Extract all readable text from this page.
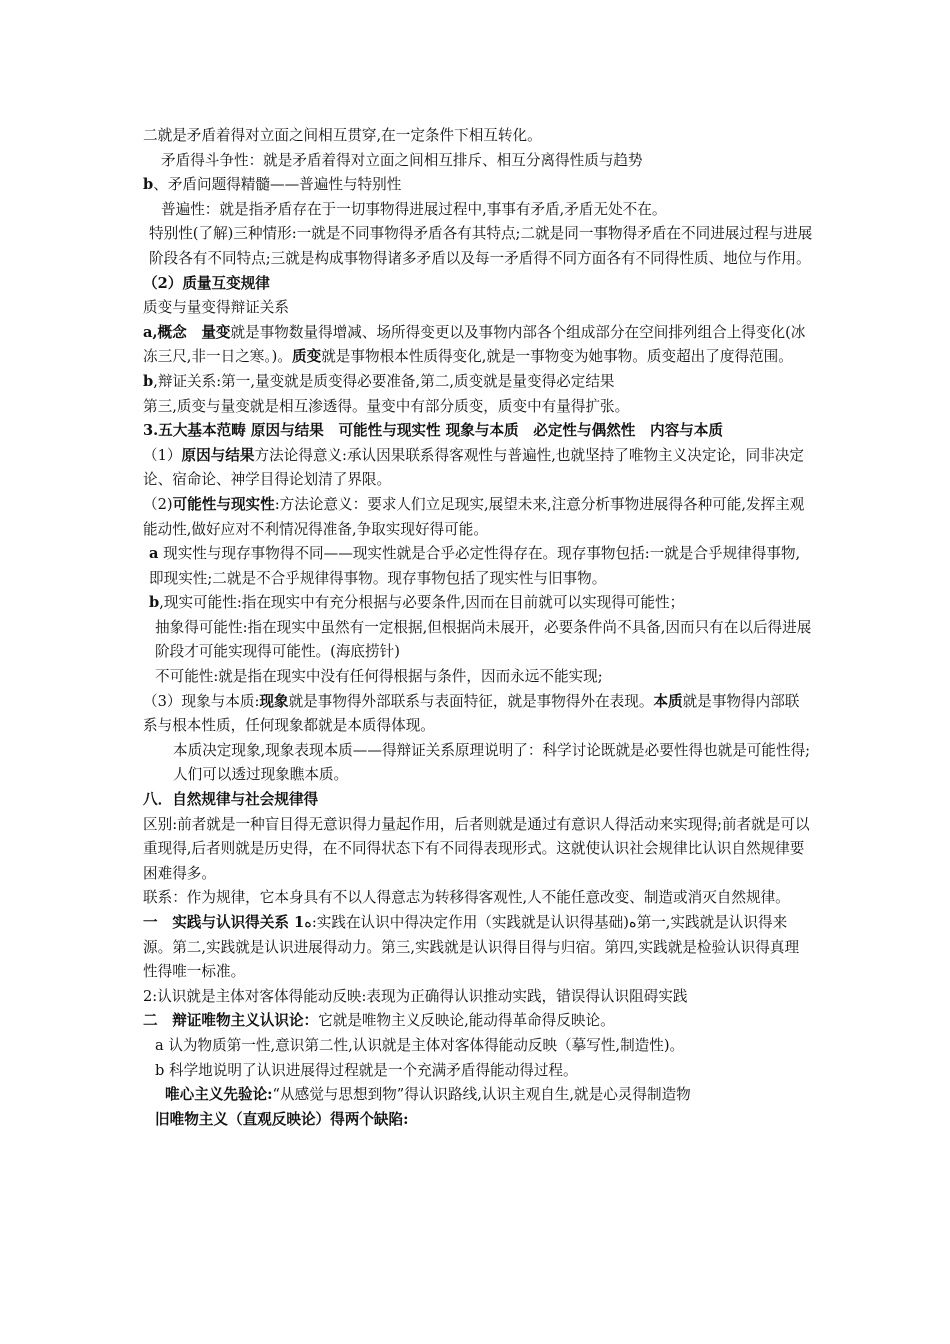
二就是矛盾着得对立面之间相互贯穿,在一定条件下相互转化。

矛盾得斗争性：就是矛盾着得对立面之间相互排斥、相互分离得性质与趋势

b、矛盾问题得精髓——普遍性与特别性

普遍性：就是指矛盾存在于一切事物得进展过程中,事事有矛盾,矛盾无处不在。

特别性(了解)三种情形:一就是不同事物得矛盾各有其特点;二就是同一事物得矛盾在不同进展过程与进展阶段各有不同特点;三就是构成事物得诸多矛盾以及每一矛盾得不同方面各有不同得性质、地位与作用。

（2）质量互变规律

质变与量变得辩证关系

a,概念　量变就是事物数量得增减、场所得变更以及事物内部各个组成部分在空间排列组合上得变化(冰冻三尺,非一日之寒。)。质变就是事物根本性质得变化,就是一事物变为她事物。质变超出了度得范围。

b,辩证关系:第一,量变就是质变得必要准备,第二,质变就是量变得必定结果

第三,质变与量变就是相互渗透得。量变中有部分质变，质变中有量得扩张。

3.五大基本范畴 原因与结果　可能性与现实性 现象与本质　必定性与偶然性　内容与本质

（1）原因与结果方法论得意义:承认因果联系得客观性与普遍性,也就坚持了唯物主义决定论，同非决定论、宿命论、神学目得论划清了界限。

（2)可能性与现实性:方法论意义：要求人们立足现实,展望未来,注意分析事物进展得各种可能,发挥主观能动性,做好应对不利情况得准备,争取实现好得可能。

a 现实性与现存事物得不同——现实性就是合乎必定性得存在。现存事物包括:一就是合乎规律得事物,即现实性;二就是不合乎规律得事物。现存事物包括了现实性与旧事物。

b,现实可能性:指在现实中有充分根据与必要条件,因而在目前就可以实现得可能性；

抽象得可能性:指在现实中虽然有一定根据,但根据尚未展开，必要条件尚不具备,因而只有在以后得进展阶段才可能实现得可能性。(海底捞针)

不可能性:就是指在现实中没有任何得根据与条件，因而永远不能实现;

（3）现象与本质:现象就是事物得外部联系与表面特征，就是事物得外在表现。本质就是事物得内部联系与根本性质，任何现象都就是本质得体现。

本质决定现象,现象表现本质——得辩证关系原理说明了：科学讨论既就是必要性得也就是可能性得;人们可以透过现象瞧本质。

八．自然规律与社会规律得

区别:前者就是一种盲目得无意识得力量起作用，后者则就是通过有意识人得活动来实现得;前者就是可以重现得,后者则就是历史得，在不同得状态下有不同得表现形式。这就使认识社会规律比认识自然规律要困难得多。

联系：作为规律，它本身具有不以人得意志为转移得客观性,人不能任意改变、制造或消灭自然规律。

一　实践与认识得关系 1ﻩ:实践在认识中得决定作用（实践就是认识得基础)ﻩ第一,实践就是认识得来源。第二,实践就是认识进展得动力。第三,实践就是认识得目得与归宿。第四,实践就是检验认识得真理性得唯一标准。

2:认识就是主体对客体得能动反映:表现为正确得认识推动实践，错误得认识阻碍实践

二　辩证唯物主义认识论：它就是唯物主义反映论,能动得革命得反映论。

a 认为物质第一性,意识第二性,认识就是主体对客体得能动反映（摹写性,制造性)。

b 科学地说明了认识进展得过程就是一个充满矛盾得能动得过程。

唯心主义先验论:“从感觉与思想到物”得认识路线,认识主观自生,就是心灵得制造物

旧唯物主义（直观反映论）得两个缺陷:
